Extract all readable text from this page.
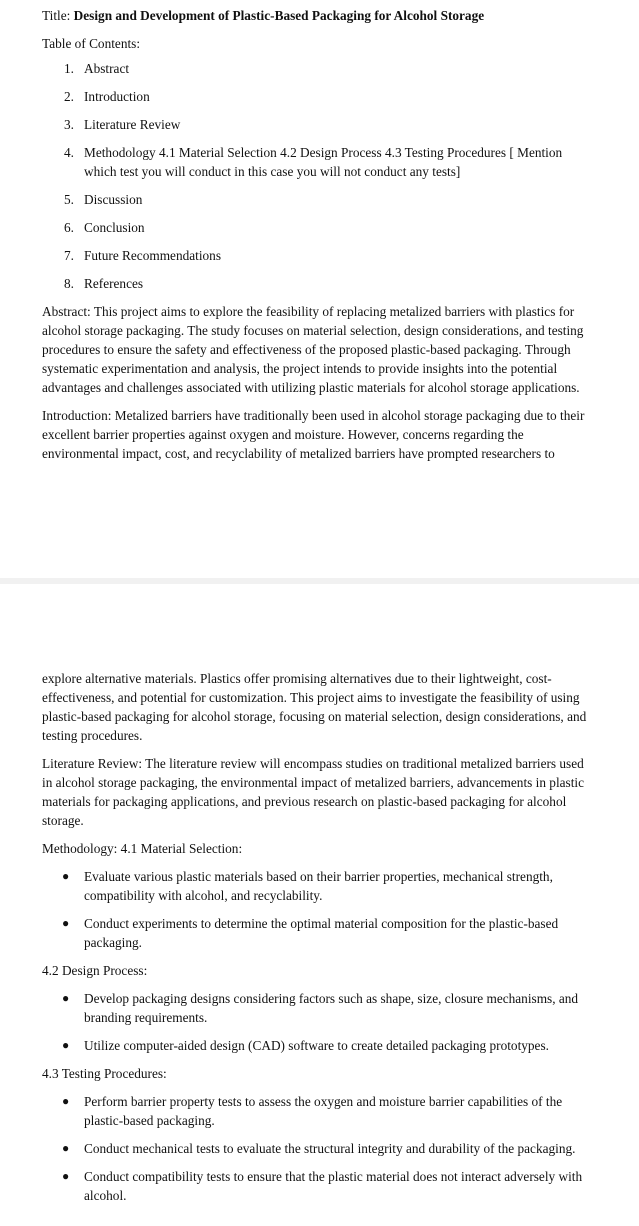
Title: Design and Development of Plastic-Based Packaging for Alcohol Storage

Table of Contents:

1. Abstract
2. Introduction
3. Literature Review
4. Methodology 4.1 Material Selection 4.2 Design Process 4.3 Testing Procedures [ Mention which test you will conduct in this case you will not conduct any tests]
5. Discussion
6. Conclusion
7. Future Recommendations
8. References

Abstract: This project aims to explore the feasibility of replacing metalized barriers with plastics for alcohol storage packaging. The study focuses on material selection, design considerations, and testing procedures to ensure the safety and effectiveness of the proposed plastic-based packaging. Through systematic experimentation and analysis, the project intends to provide insights into the potential advantages and challenges associated with utilizing plastic materials for alcohol storage applications.

Introduction: Metalized barriers have traditionally been used in alcohol storage packaging due to their excellent barrier properties against oxygen and moisture. However, concerns regarding the environmental impact, cost, and recyclability of metalized barriers have prompted researchers to

explore alternative materials. Plastics offer promising alternatives due to their lightweight, cost-effectiveness, and potential for customization. This project aims to investigate the feasibility of using plastic-based packaging for alcohol storage, focusing on material selection, design considerations, and testing procedures.

Literature Review: The literature review will encompass studies on traditional metalized barriers used in alcohol storage packaging, the environmental impact of metalized barriers, advancements in plastic materials for packaging applications, and previous research on plastic-based packaging for alcohol storage.

Methodology: 4.1 Material Selection:

●	Evaluate various plastic materials based on their barrier properties, mechanical strength, compatibility with alcohol, and recyclability.
●	Conduct experiments to determine the optimal material composition for the plastic-based packaging.

4.2 Design Process:

●	Develop packaging designs considering factors such as shape, size, closure mechanisms, and branding requirements.
●	Utilize computer-aided design (CAD) software to create detailed packaging prototypes.

4.3 Testing Procedures:

●	Perform barrier property tests to assess the oxygen and moisture barrier capabilities of the plastic-based packaging.
●	Conduct mechanical tests to evaluate the structural integrity and durability of the packaging.
●	Conduct compatibility tests to ensure that the plastic material does not interact adversely with alcohol.
